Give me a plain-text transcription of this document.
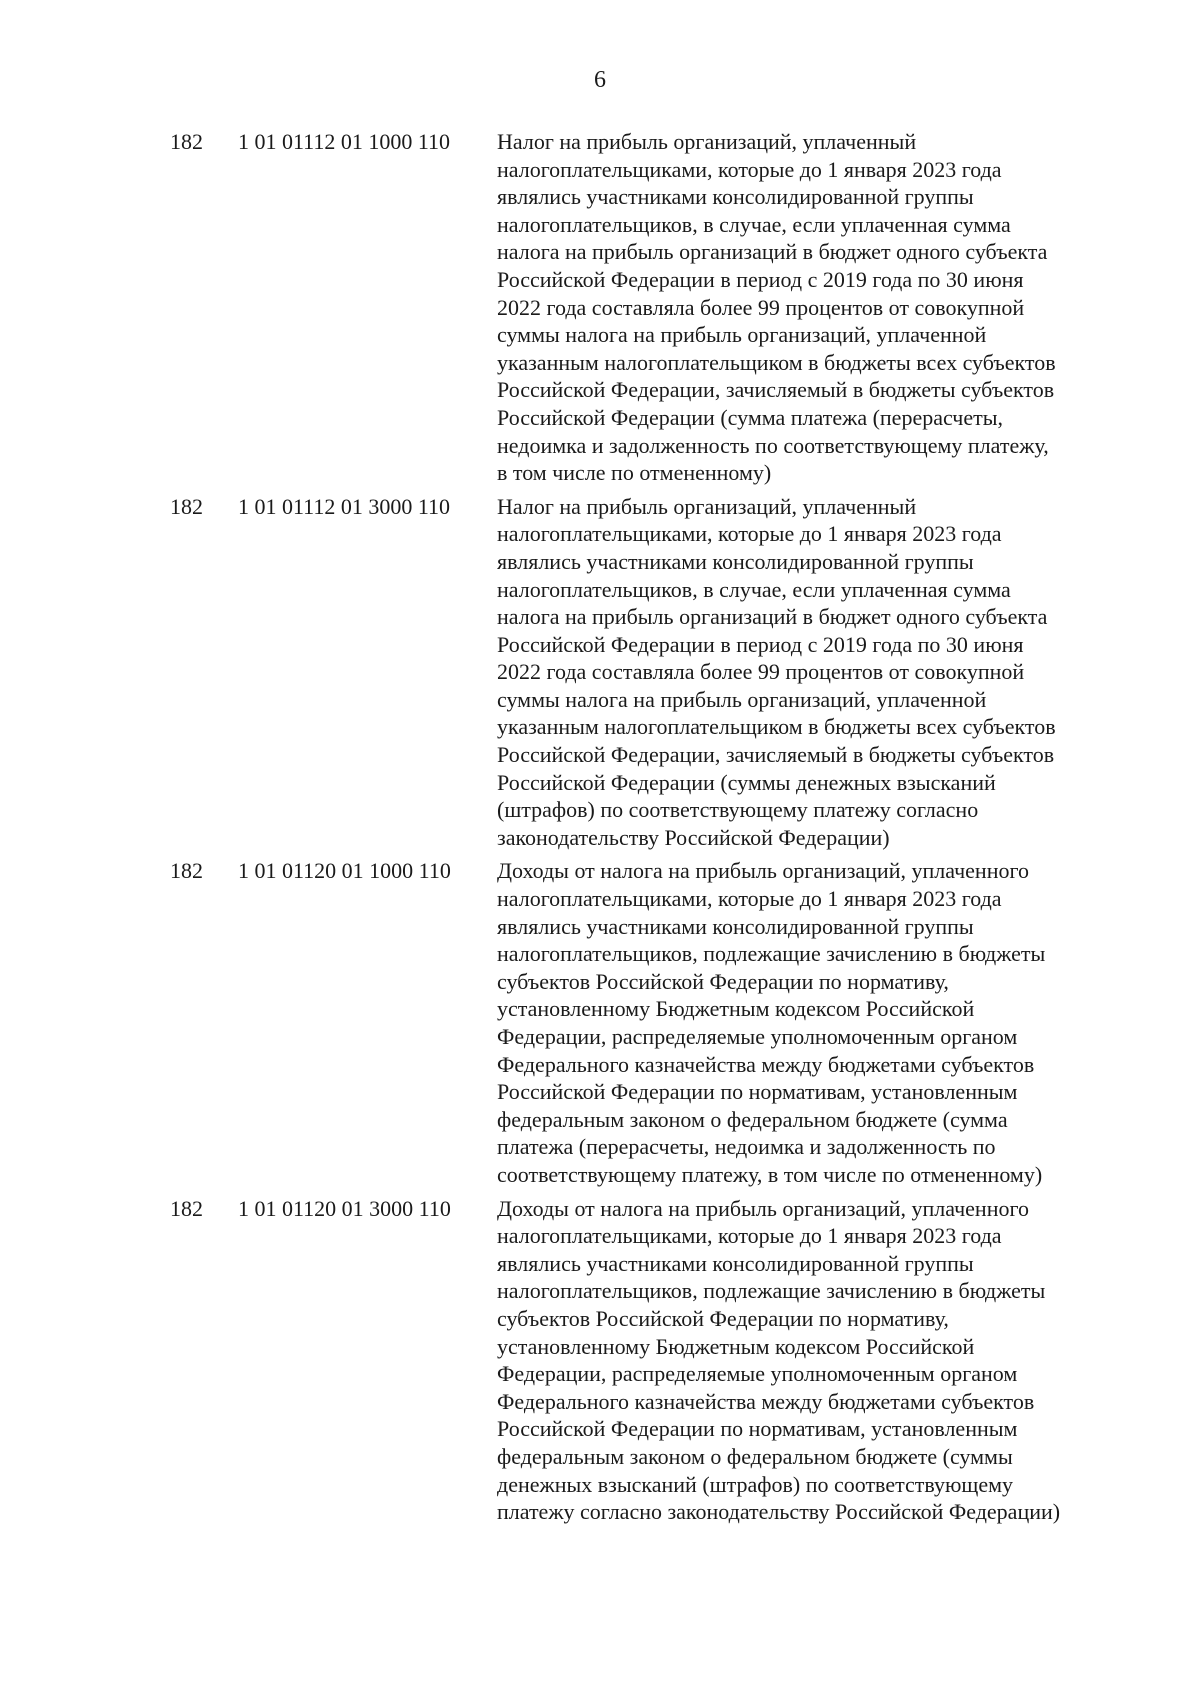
6
182 1 01 01112 01 1000 110 Налог на прибыль организаций, уплаченный
налогоплательщиками, которые до 1 января 2023 года
являлись участниками консолидированной группы
налогоплательщиков, в случае, если уплаченная сумма
налога на прибыль организаций в бюджет одного субъекта
Российской Федерации в период с 2019 года по 30 июня
2022 года составляла более 99 процентов от совокупной
суммы налога на прибыль организаций, уплаченной
указанным налогоплательщиком в бюджеты всех субъектов
Российской Федерации, зачисляемый в бюджеты субъектов
Российской Федерации (сумма платежа (перерасчеты,
недоимка и задолженность по соответствующему платежу,
в том числе по отмененному)
182 1 01 01112 01 3000 110 Налог на прибыль организаций, уплаченный
налогоплательщиками, которые до 1 января 2023 года
являлись участниками консолидированной группы
налогоплательщиков, в случае, если уплаченная сумма
налога на прибыль организаций в бюджет одного субъекта
Российской Федерации в период с 2019 года по 30 июня
2022 года составляла более 99 процентов от совокупной
суммы налога на прибыль организаций, уплаченной
указанным налогоплательщиком в бюджеты всех субъектов
Российской Федерации, зачисляемый в бюджеты субъектов
Российской Федерации (суммы денежных взысканий
(штрафов) по соответствующему платежу согласно
законодательству Российской Федерации)
182 1 01 01120 01 1000 110 Доходы от налога на прибыль организаций, уплаченного
налогоплательщиками, которые до 1 января 2023 года
являлись участниками консолидированной группы
налогоплательщиков, подлежащие зачислению в бюджеты
субъектов Российской Федерации по нормативу,
установленному Бюджетным кодексом Российской
Федерации, распределяемые уполномоченным органом
Федерального казначейства между бюджетами субъектов
Российской Федерации по нормативам, установленным
федеральным законом о федеральном бюджете (сумма
платежа (перерасчеты, недоимка и задолженность по
соответствующему платежу, в том числе по отмененному)
182 1 01 01120 01 3000 110 Доходы от налога на прибыль организаций, уплаченного
налогоплательщиками, которые до 1 января 2023 года
являлись участниками консолидированной группы
налогоплательщиков, подлежащие зачислению в бюджеты
субъектов Российской Федерации по нормативу,
установленному Бюджетным кодексом Российской
Федерации, распределяемые уполномоченным органом
Федерального казначейства между бюджетами субъектов
Российской Федерации по нормативам, установленным
федеральным законом о федеральном бюджете (суммы
денежных взысканий (штрафов) по соответствующему
платежу согласно законодательству Российской Федерации)
